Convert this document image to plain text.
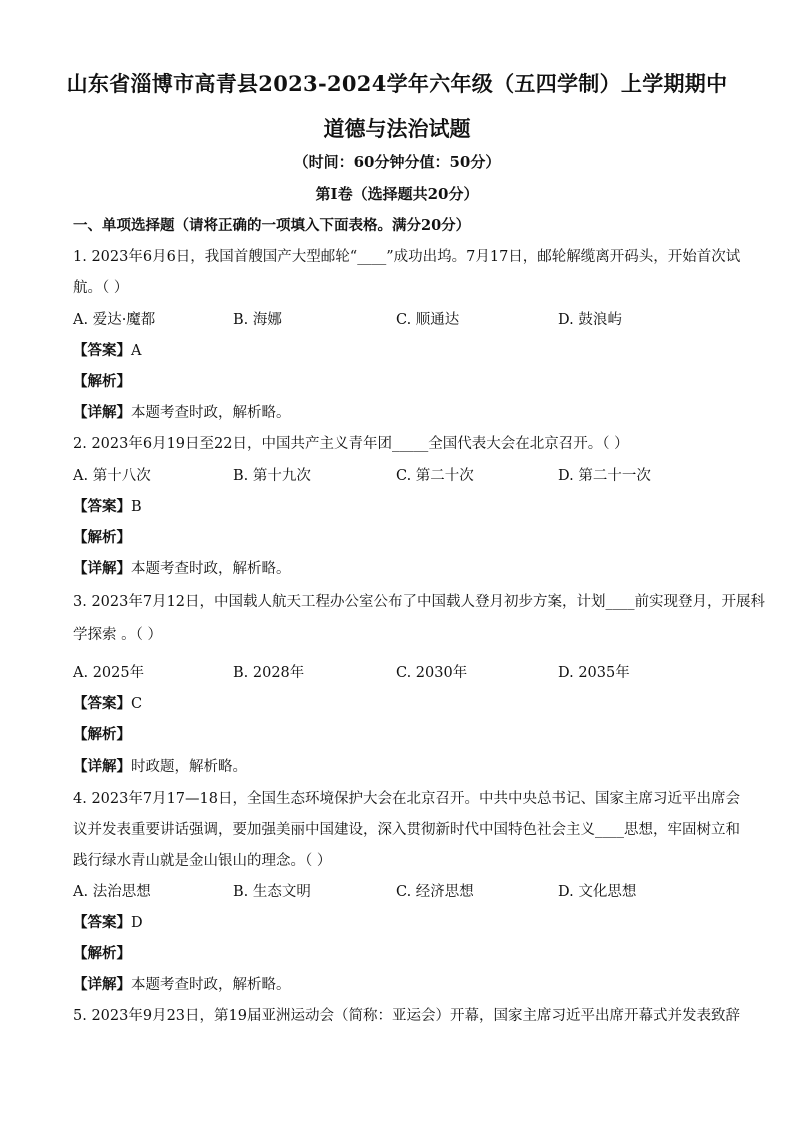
山东省淄博市高青县2023-2024学年六年级（五四学制）上学期期中
道德与法治试题
（时间：60分钟分值：50分）
第Ⅰ卷（选择题共20分）
一、单项选择题（请将正确的一项填入下面表格。满分20分）
1. 2023年6月6日，我国首艘国产大型邮轮“____”成功出坞。7月17日，邮轮解缆离开码头，开始首次试
航。（ ）
A. 爱达·魔都	B. 海娜	C. 顺通达	D. 鼓浪屿
【答案】A
【解析】
【详解】本题考查时政，解析略。
2. 2023年6月19日至22日，中国共产主义青年团_____全国代表大会在北京召开。（ ）
A. 第十八次	B. 第十九次	C. 第二十次	D. 第二十一次
【答案】B
【解析】
【详解】本题考查时政，解析略。
3. 2023年7月12日，中国载人航天工程办公室公布了中国载人登月初步方案，计划____前实现登月，开展科
学探索 。（ ）
A. 2025年	B. 2028年	C. 2030年	D. 2035年
【答案】C
【解析】
【详解】时政题，解析略。
4. 2023年7月17—18日，全国生态环境保护大会在北京召开。中共中央总书记、国家主席习近平出席会
议并发表重要讲话强调，要加强美丽中国建设，深入贯彻新时代中国特色社会主义____思想，牢固树立和
践行绿水青山就是金山银山的理念。（ ）
A. 法治思想	B. 生态文明	C. 经济思想	D. 文化思想
【答案】D
【解析】
【详解】本题考查时政，解析略。
5. 2023年9月23日，第19届亚洲运动会（简称：亚运会）开幕，国家主席习近平出席开幕式并发表致辞
